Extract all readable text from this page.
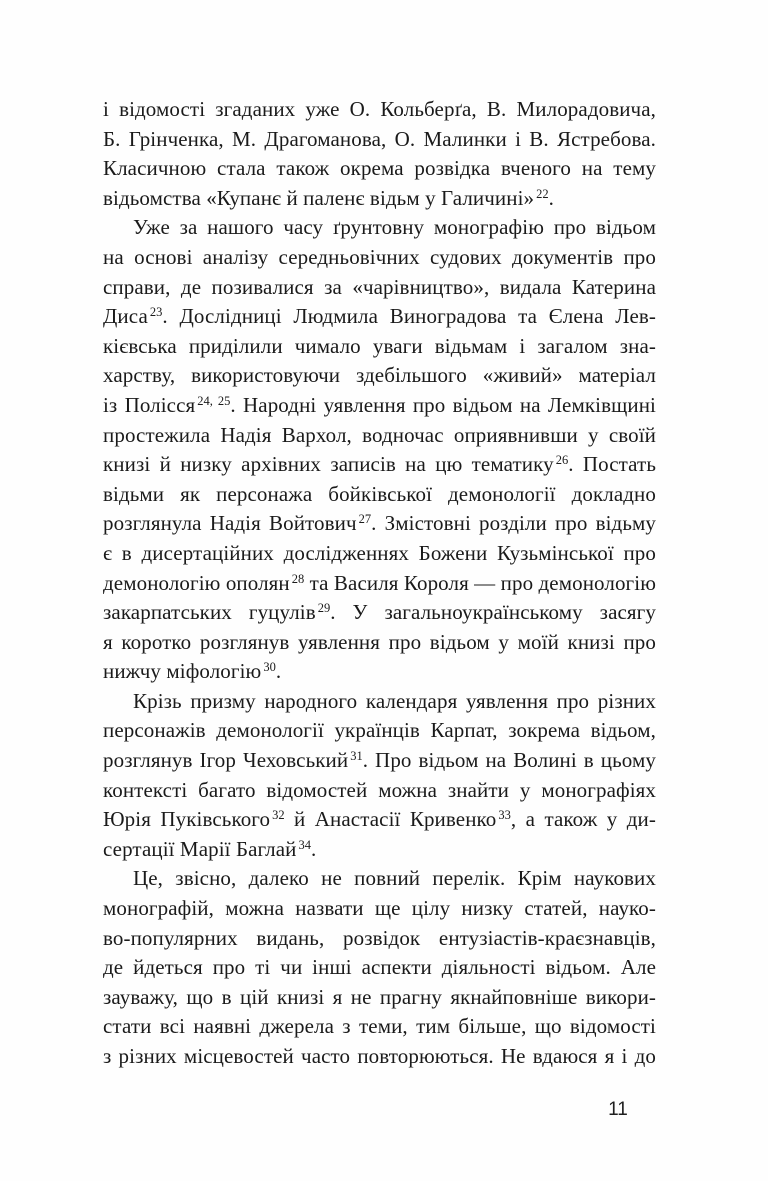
і відомості згаданих уже О. Кольберґа, В. Милорадовича,
Б. Грінченка, М. Драгоманова, О. Малинки і В. Ястребова.
Класичною стала також окрема розвідка вченого на тему
відьомства «Купанє й паленє відьм у Галичині» $^{22}$.
Уже за нашого часу ґрунтовну монографію про відьом
на основі аналізу середньовічних судових документів про
справи, де позивалися за «чарівництво», видала Катерина
Диса $^{23}$. Дослідниці Людмила Виноградова та Єлена Лев-
кієвська приділили чимало уваги відьмам і загалом зна-
харству, використовуючи здебільшого «живий» матеріал
із Полісся $^{24, 25}$. Народні уявлення про відьом на Лемківщині
простежила Надія Вархол, водночас оприявнивши у своїй
книзі й низку архівних записів на цю тематику $^{26}$. Постать
відьми як персонажа бойківської демонології докладно
розглянула Надія Войтович $^{27}$. Змістовні розділи про відьму
є в дисертаційних дослідженнях Божени Кузьмінської про
демонологію ополян $^{28}$ та Василя Короля — про демонологію
закарпатських гуцулів $^{29}$. У загальноукраїнському засягу
я коротко розглянув уявлення про відьом у моїй книзі про
нижчу міфологію $^{30}$.
Крізь призму народного календаря уявлення про різних
персонажів демонології українців Карпат, зокрема відьом,
розглянув Ігор Чеховський $^{31}$. Про відьом на Волині в цьому
контексті багато відомостей можна знайти у монографіях
Юрія Пуківського $^{32}$ й Анастасії Кривенко $^{33}$, а також у ди-
сертації Марії Баглай $^{34}$.
Це, звісно, далеко не повний перелік. Крім наукових
монографій, можна назвати ще цілу низку статей, науко-
во-популярних видань, розвідок ентузіастів-краєзнавців,
де йдеться про ті чи інші аспекти діяльності відьом. Але
зауважу, що в цій книзі я не прагну якнайповніше викори-
стати всі наявні джерела з теми, тим більше, що відомості
з різних місцевостей часто повторюються. Не вдаюся я і до
11
